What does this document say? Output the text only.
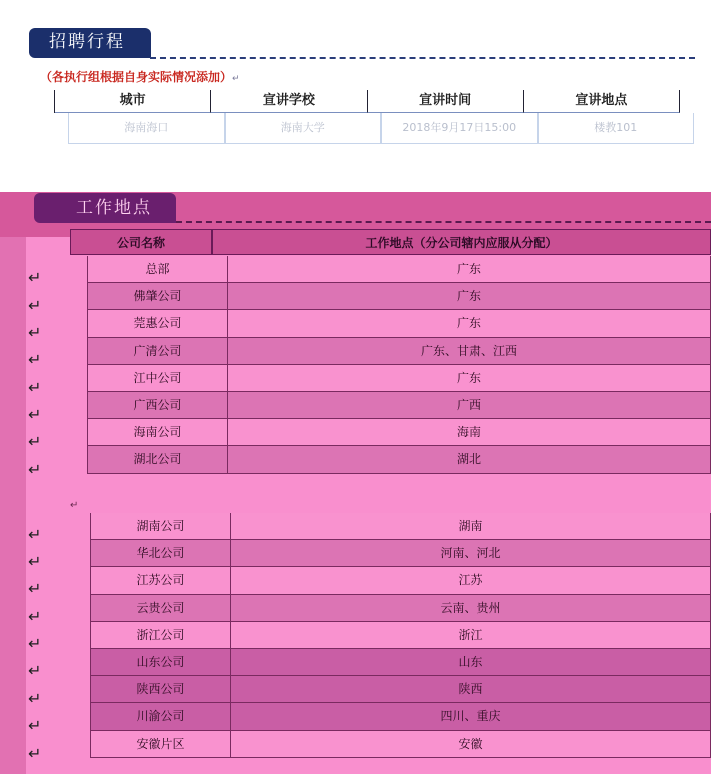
招聘行程
（各执行组根据自身实际情况添加）↵
城市	宣讲学校	宣讲时间	宣讲地点
海南海口	海南大学	2018年9月17日15:00	楼教101
工作地点
公司名称	工作地点（分公司辖内应服从分配）
总部	广东
佛肇公司	广东
莞惠公司	广东
广清公司	广东、甘肃、江西
江中公司	广东
广西公司	广西
海南公司	海南
湖北公司	湖北
↵
湖南公司	湖南
华北公司	河南、河北
江苏公司	江苏
云贵公司	云南、贵州
浙江公司	浙江
山东公司	山东
陕西公司	陕西
川渝公司	四川、重庆
安徽片区	安徽
↵
↵
↵
↵
↵
↵
↵
↵
↵
↵
↵
↵
↵
↵
↵
↵
↵
